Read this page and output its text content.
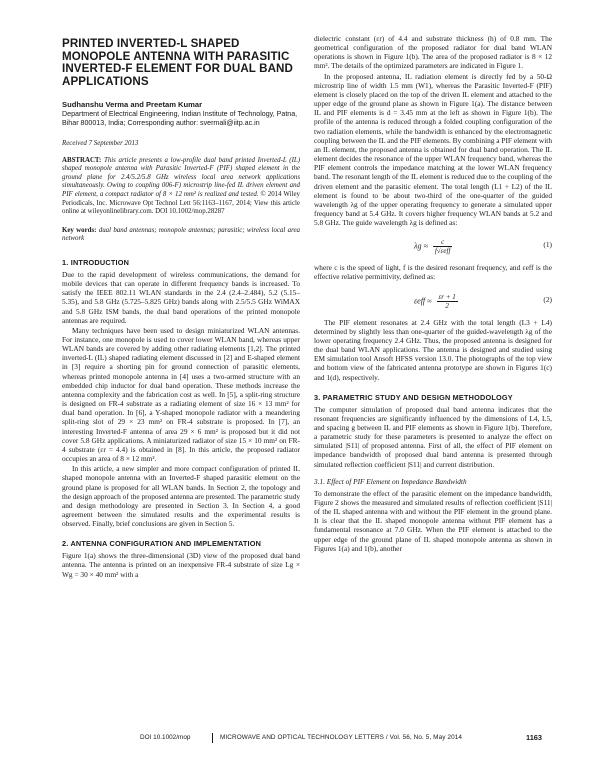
PRINTED INVERTED-L SHAPED MONOPOLE ANTENNA WITH PARASITIC INVERTED-F ELEMENT FOR DUAL BAND APPLICATIONS
Sudhanshu Verma and Preetam Kumar
Department of Electrical Engineering, Indian Institute of Technology, Patna, Bihar 800013, India; Corresponding author: svermali@iitp.ac.in
Received 7 September 2013
ABSTRACT: This article presents a low-profile dual band printed Inverted-L (IL) shaped monopole antenna with Parasitic Inverted-F (PIF) shaped element in the ground plane for 2.4/5.2/5.8 GHz wireless local area network applications simultaneously. Owing to coupling 006-F) microstrip line-fed IL driven element and PIF element, a compact radiator of 8 × 12 mm² is realized and tested. © 2014 Wiley Periodicals, Inc. Microwave Opt Technol Lett 56:1163–1167, 2014; View this article online at wileyonlinelibrary.com. DOI 10.1002/mop.28287
Key words: dual band antennas; monopole antennas; parasitic; wireless local area network
1. INTRODUCTION

Due to the rapid development of wireless communications, the demand for mobile devices that can operate in different frequency bands is increased. To satisfy the IEEE 802.11 WLAN standards in the 2.4 (2.4–2.484), 5.2 (5.15–5.35), and 5.8 GHz (5.725–5.825 GHz) bands along with 2.5/5.5 GHz WiMAX and 5.8 GHz ISM bands, the dual band operations of the printed monopole antennas are required.

Many techniques have been used to design miniaturized WLAN antennas. For instance, one monopole is used to cover lower WLAN band, whereas upper WLAN bands are covered by adding other radiating elements [1,2]. The printed inverted-L (IL) shaped radiating element discussed in [2] and E-shaped element in [3] require a shorting pin for ground connection of parasitic elements, whereas printed monopole antenna in [4] uses a two-armed structure with an embedded chip inductor for dual band operation. These methods increase the antenna complexity and the fabrication cost as well. In [5], a split-ring structure is designed on FR-4 substrate as a radiating element of size 16 × 13 mm² for dual band operation. In [6], a Y-shaped monopole radiator with a meandering split-ring slot of 29 × 23 mm² on FR-4 substrate is proposed. In [7], an interesting Inverted-F antenna of area 29 × 6 mm² is proposed but it did not cover 5.8 GHz applications. A miniaturized radiator of size 15 × 10 mm² on FR-4 substrate (εr = 4.4) is obtained in [8]. In this article, the proposed radiator occupies an area of 8 × 12 mm².

In this article, a new simpler and more compact configuration of printed IL shaped monopole antenna with an Inverted-F shaped parasitic element on the ground plane is proposed for all WLAN bands. In Section 2, the topology and the design approach of the proposed antenna are presented. The parametric study and design methodology are presented in Section 3. In Section 4, a good agreement between the simulated results and the experimental results is observed. Finally, brief conclusions are given in Section 5.

2. ANTENNA CONFIGURATION AND IMPLEMENTATION

Figure 1(a) shows the three-dimensional (3D) view of the proposed dual band antenna. The antenna is printed on an inexpensive FR-4 substrate of size Lg × Wg = 30 × 40 mm² with a

dielectric constant (εr) of 4.4 and substrate thickness (h) of 0.8 mm. The geometrical configuration of the proposed radiator for dual band WLAN operations is shown in Figure 1(b). The area of the proposed radiator is 8 × 12 mm². The details of the optimized parameters are indicated in Figure 1.

In the proposed antenna, IL radiation element is directly fed by a 50-Ω microstrip line of width 1.5 mm (W1), whereas the Parasitic Inverted-F (PIF) element is closely placed on the top of the driven IL element and attached to the upper edge of the ground plane as shown in Figure 1(a). The distance between IL and PIF elements is d = 3.45 mm at the left as shown in Figure 1(b). The profile of the antenna is reduced through a folded coupling configuration of the two radiation elements, while the bandwidth is enhanced by the electromagnetic coupling between the IL and the PIF elements. By combining a PIF element with an IL element, the proposed antenna is obtained for dual band operation. The IL element decides the resonance of the upper WLAN frequency band, whereas the PIF element controls the impedance matching at the lower WLAN frequency band. The resonant length of the IL element is reduced due to the coupling of the driven element and the parasitic element. The total length (L1 + L2) of the IL element is found to be about two-third of the one-quarter of the guided wavelength λg of the upper operating frequency to generate a simulated upper frequency band at 5.4 GHz. It covers higher frequency WLAN bands at 5.2 and 5.8 GHz. The guide wavelength λg is defined as:

$\lambda g \approx \frac{c}{\text{f√εeff}}$	(1)

where c is the speed of light, f is the desired resonant frequency, and εeff is the effective relative permittivity, defined as:

$\varepsilon eff \approx \frac{\varepsilon r + 1}{2}$	(2)

The PIF element resonates at 2.4 GHz with the total length (L3 + L4) determined by slightly less than one-quarter of the guided-wavelength λg of the lower operating frequency 2.4 GHz. Thus, the proposed antenna is designed for the dual band WLAN applications. The antenna is designed and studied using EM simulation tool Ansoft HFSS version 13.0. The photographs of the top view and bottom view of the fabricated antenna prototype are shown in Figures 1(c) and 1(d), respectively.

3. PARAMETRIC STUDY AND DESIGN METHODOLOGY

The computer simulation of proposed dual band antenna indicates that the resonant frequencies are significantly influenced by the dimensions of L4, L5, and spacing g between IL and PIF elements as shown in Figure 1(b). Therefore, a parametric study for these parameters is presented to analyze the effect on simulated |S11| of proposed antenna. First of all, the effect of PIF element on impedance bandwidth of proposed dual band antenna is presented through simulated reflection coefficient |S11| and current distribution.

3.1. Effect of PIF Element on Impedance Bandwidth

To demonstrate the effect of the parasitic element on the impedance bandwidth, Figure 2 shows the measured and simulated results of reflection coefficient |S11| of the IL shaped antenna with and without the PIF element in the ground plane. It is clear that the IL shaped monopole antenna without PIF element has a fundamental resonance at 7.0 GHz. When the PIF element is attached to the upper edge of the ground plane of IL shaped monopole antenna as shown in Figures 1(a) and 1(b), another

DOI 10.1002/mop	MICROWAVE AND OPTICAL TECHNOLOGY LETTERS / Vol. 56, No. 5, May 2014	1163
